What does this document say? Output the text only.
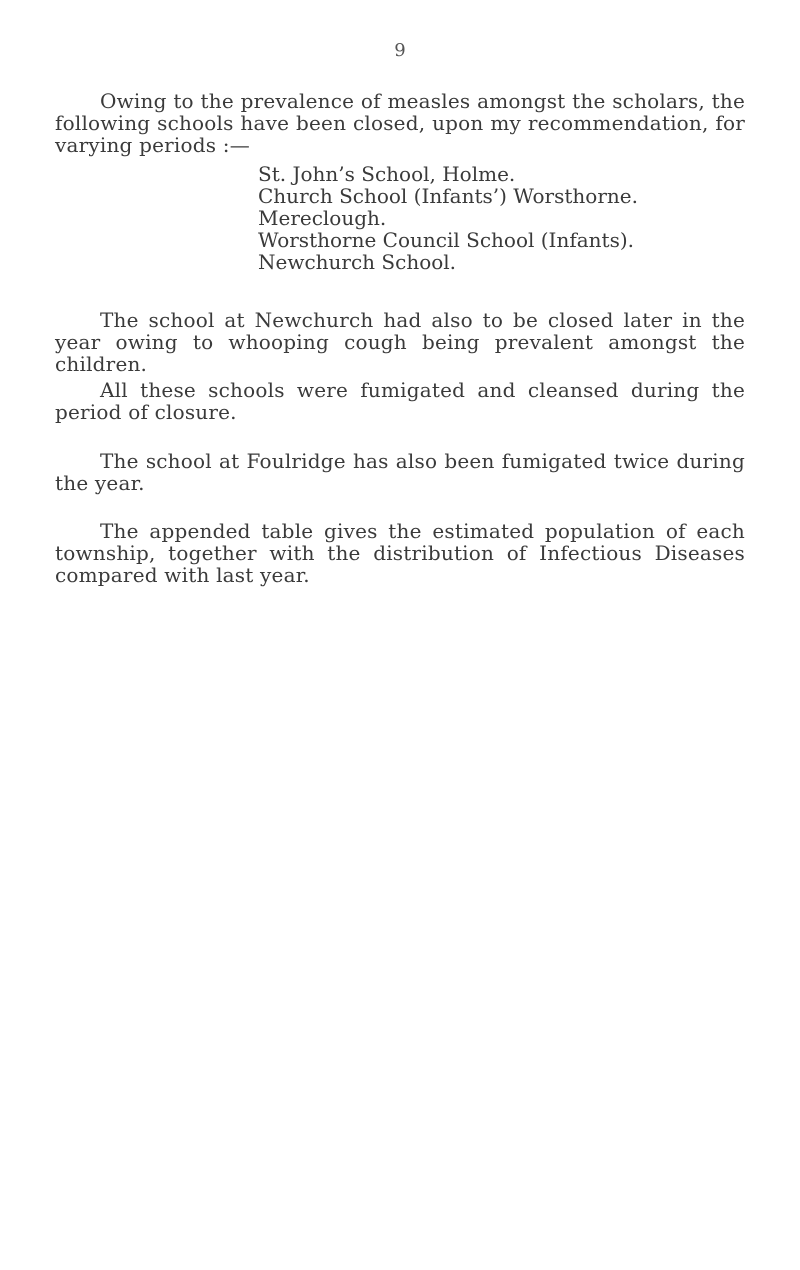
9

Owing to the prevalence of measles amongst the scholars, the following schools have been closed, upon my recommendation, for varying periods :—

St. John’s School, Holme.
Church School (Infants’) Worsthorne.
Mereclough.
Worsthorne Council School (Infants).
Newchurch School.

The school at Newchurch had also to be closed later in the year owing to whooping cough being prevalent amongst the children.

All these schools were fumigated and cleansed during the period of closure.

The school at Foulridge has also been fumigated twice during the year.

The appended table gives the estimated population of each township, together with the distribution of Infectious Diseases compared with last year.
